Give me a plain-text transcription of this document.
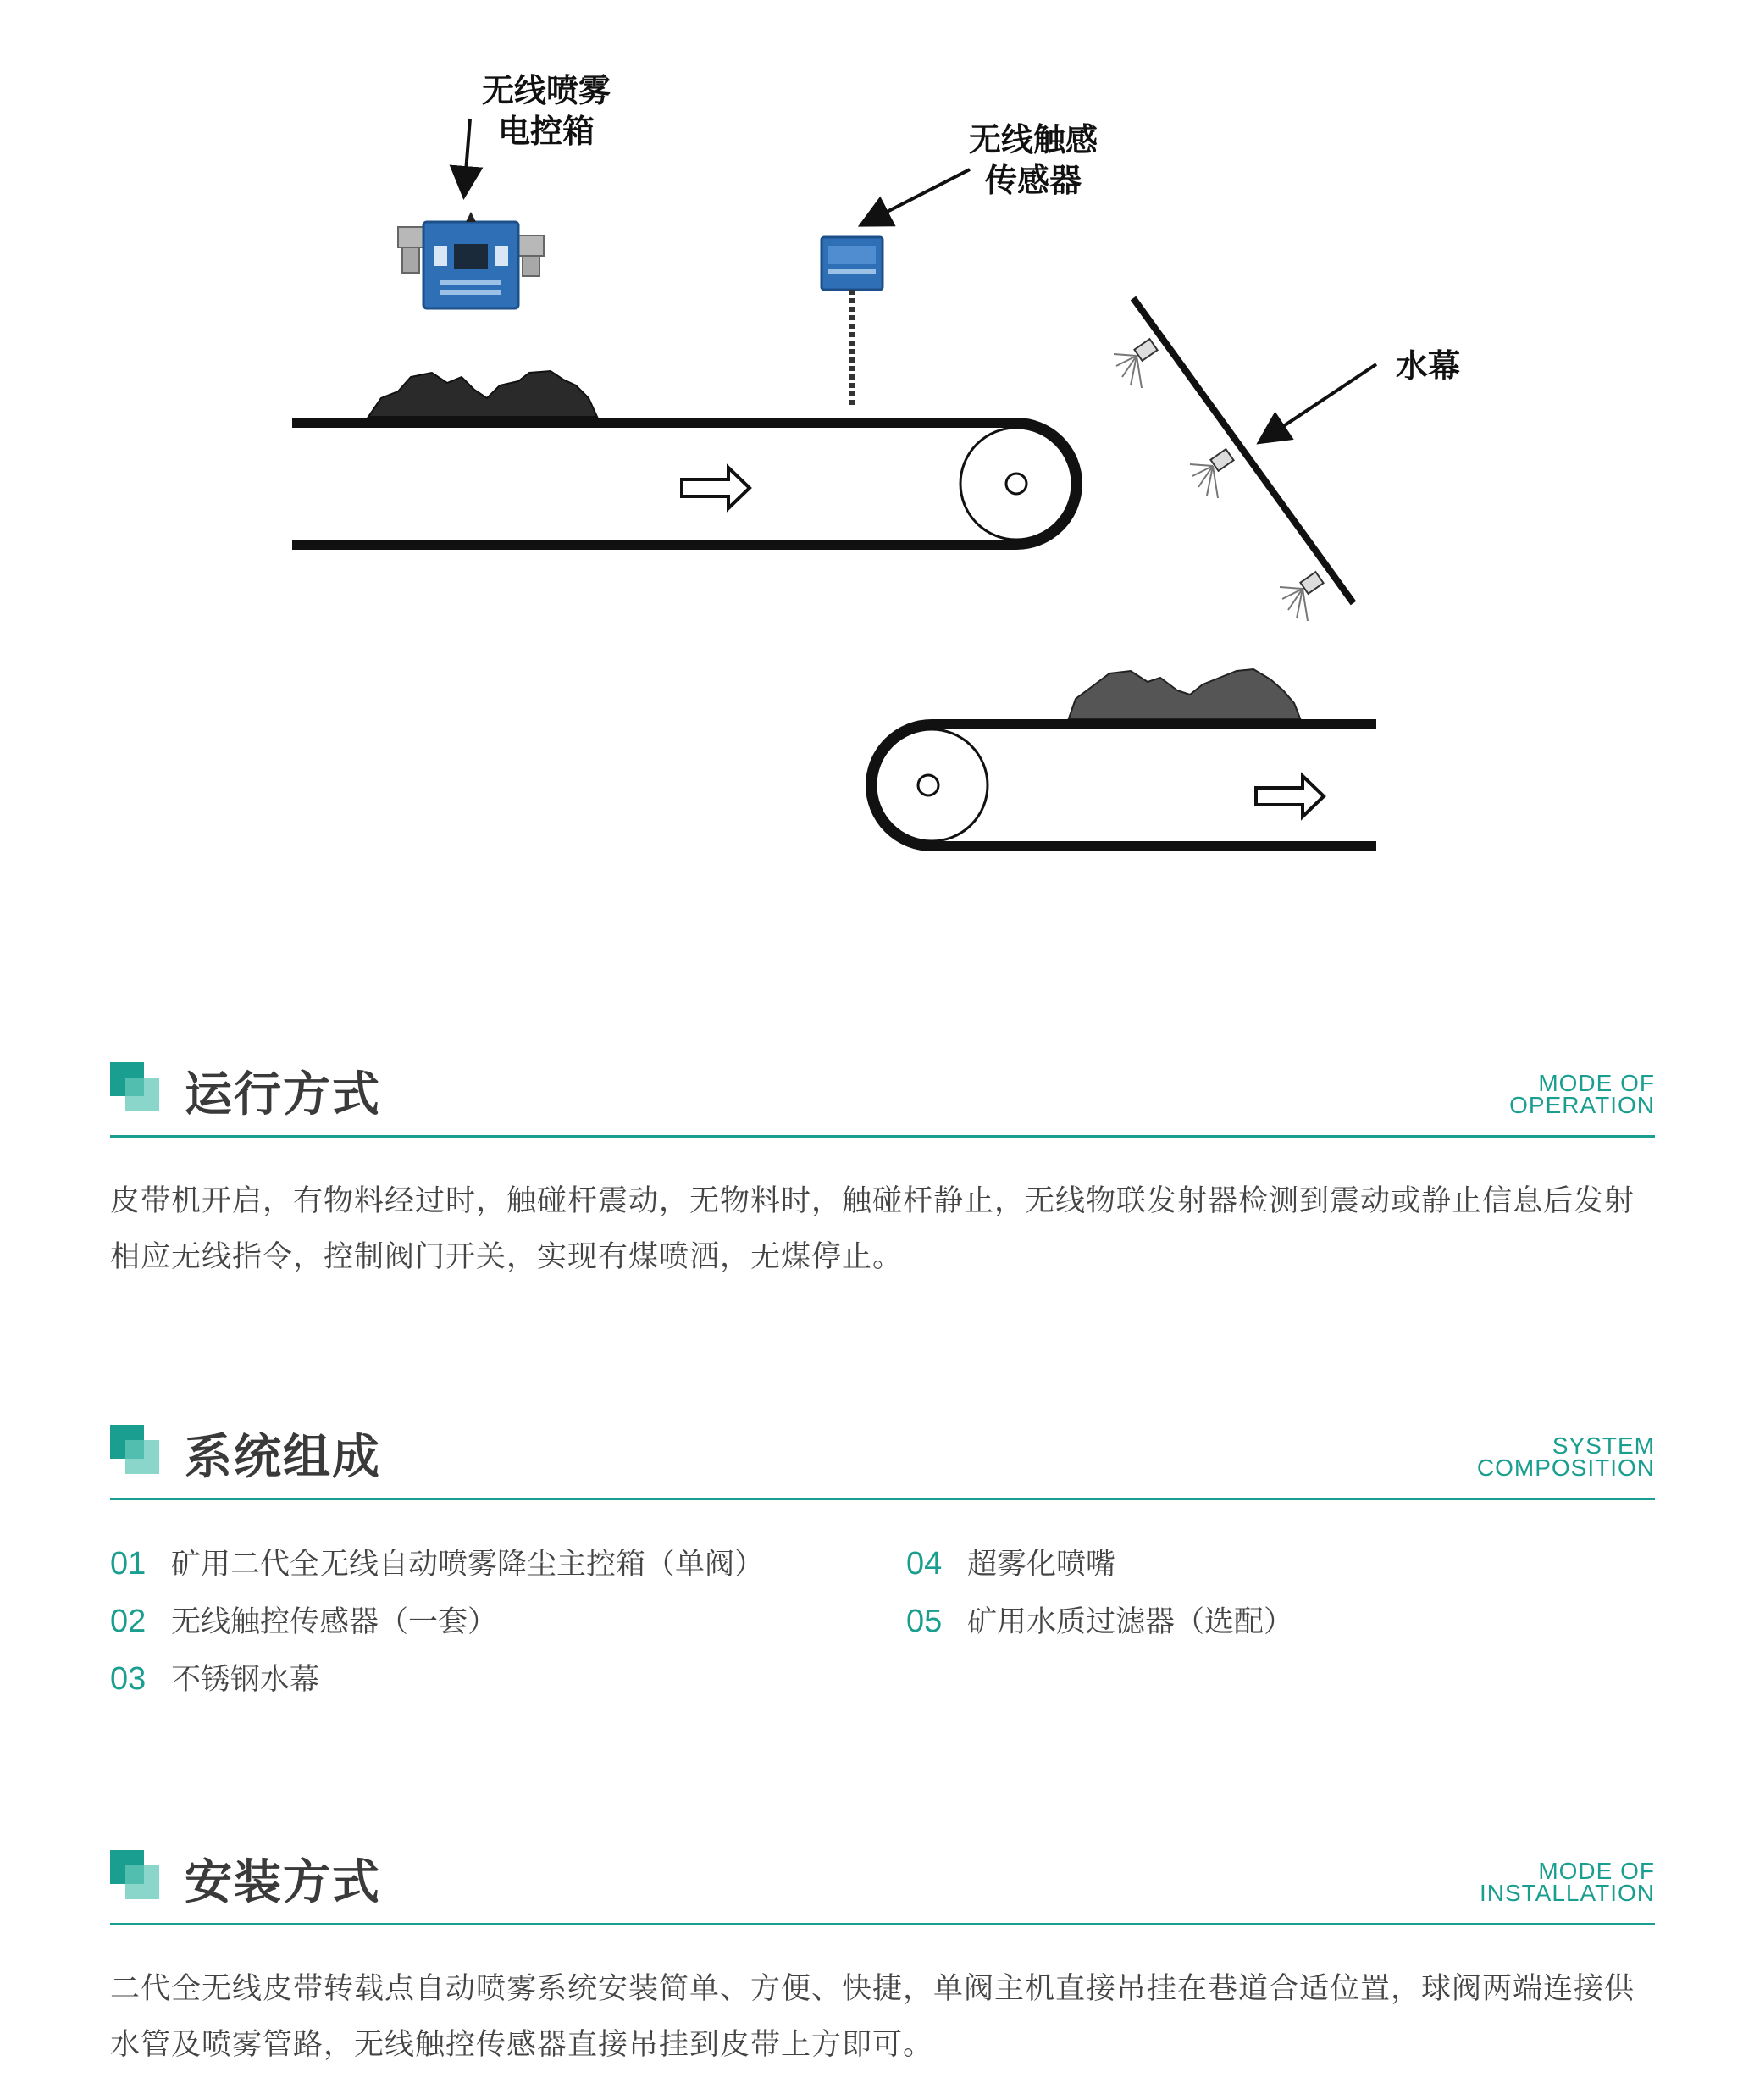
无线喷雾
电控箱	无线触感
传感器
水幕
运行方式	MODE OF
OPERATION
皮带机开启，有物料经过时，触碰杆震动，无物料时，触碰杆静止，无线物联发射器检测到震动或静止信息后发射相应无线指令，控制阀门开关，实现有煤喷洒，无煤停止。
系统组成	SYSTEM
COMPOSITION
01 矿用二代全无线自动喷雾降尘主控箱（单阀）
02 无线触控传感器（一套）
03 不锈钢水幕
04 超雾化喷嘴
05 矿用水质过滤器（选配）
安装方式	MODE OF
INSTALLATION
二代全无线皮带转载点自动喷雾系统安装简单、方便、快捷，单阀主机直接吊挂在巷道合适位置，球阀两端连接供水管及喷雾管路，无线触控传感器直接吊挂到皮带上方即可。
